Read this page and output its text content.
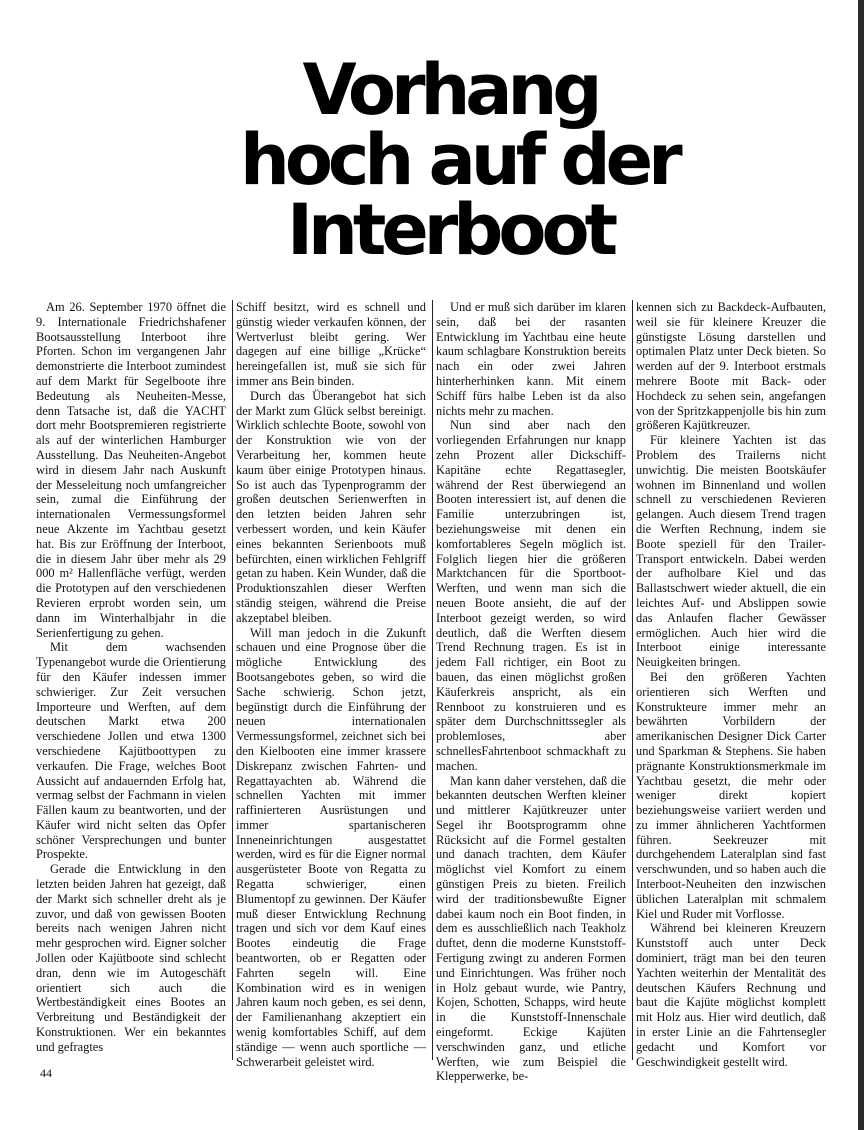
Vorhang
hoch auf der
Interboot

Am 26. September 1970 öffnet die 9. Internationale Friedrichshafener Bootsausstellung Interboot ihre Pforten. Schon im vergangenen Jahr demonstrierte die Interboot zumindest auf dem Markt für Segelboote ihre Bedeutung als Neuheiten-Messe, denn Tatsache ist, daß die YACHT dort mehr Bootspremieren registrierte als auf der winterlichen Hamburger Ausstellung. Das Neuheiten-Angebot wird in diesem Jahr nach Auskunft der Messeleitung noch umfangreicher sein, zumal die Einführung der internationalen Vermessungsformel neue Akzente im Yachtbau gesetzt hat. Bis zur Eröffnung der Interboot, die in diesem Jahr über mehr als 29 000 m² Hallenfläche verfügt, werden die Prototypen auf den verschiedenen Revieren erprobt worden sein, um dann im Winterhalbjahr in die Serienfertigung zu gehen.

Mit dem wachsenden Typenangebot wurde die Orientierung für den Käufer indessen immer schwieriger. Zur Zeit versuchen Importeure und Werften, auf dem deutschen Markt etwa 200 verschiedene Jollen und etwa 1300 verschiedene Kajütboottypen zu verkaufen. Die Frage, welches Boot Aussicht auf andauernden Erfolg hat, vermag selbst der Fachmann in vielen Fällen kaum zu beantworten, und der Käufer wird nicht selten das Opfer schöner Versprechungen und bunter Prospekte.

Gerade die Entwicklung in den letzten beiden Jahren hat gezeigt, daß der Markt sich schneller dreht als je zuvor, und daß von gewissen Booten bereits nach wenigen Jahren nicht mehr gesprochen wird. Eigner solcher Jollen oder Kajütboote sind schlecht dran, denn wie im Autogeschäft orientiert sich auch die Wertbeständigkeit eines Bootes an Verbreitung und Beständigkeit der Konstruktionen. Wer ein bekanntes und gefragtes

Schiff besitzt, wird es schnell und günstig wieder verkaufen können, der Wertverlust bleibt gering. Wer dagegen auf eine billige „Krücke“ hereingefallen ist, muß sie sich für immer ans Bein binden.

Durch das Überangebot hat sich der Markt zum Glück selbst bereinigt. Wirklich schlechte Boote, sowohl von der Konstruktion wie von der Verarbeitung her, kommen heute kaum über einige Prototypen hinaus. So ist auch das Typenprogramm der großen deutschen Serienwerften in den letzten beiden Jahren sehr verbessert worden, und kein Käufer eines bekannten Serienboots muß befürchten, einen wirklichen Fehlgriff getan zu haben. Kein Wunder, daß die Produktionszahlen dieser Werften ständig steigen, während die Preise akzeptabel bleiben.

Will man jedoch in die Zukunft schauen und eine Prognose über die mögliche Entwicklung des Bootsangebotes geben, so wird die Sache schwierig. Schon jetzt, begünstigt durch die Einführung der neuen internationalen Vermessungsformel, zeichnet sich bei den Kielbooten eine immer krassere Diskrepanz zwischen Fahrten- und Regattayachten ab. Während die schnellen Yachten mit immer raffinierteren Ausrüstungen und immer spartanischeren Inneneinrichtungen ausgestattet werden, wird es für die Eigner normal ausgerüsteter Boote von Regatta zu Regatta schwieriger, einen Blumentopf zu gewinnen. Der Käufer muß dieser Entwicklung Rechnung tragen und sich vor dem Kauf eines Bootes eindeutig die Frage beantworten, ob er Regatten oder Fahrten segeln will. Eine Kombination wird es in wenigen Jahren kaum noch geben, es sei denn, der Familienanhang akzeptiert ein wenig komfortables Schiff, auf dem ständige — wenn auch sportliche — Schwerarbeit geleistet wird.

Und er muß sich darüber im klaren sein, daß bei der rasanten Entwicklung im Yachtbau eine heute kaum schlagbare Konstruktion bereits nach ein oder zwei Jahren hinterherhinken kann. Mit einem Schiff fürs halbe Leben ist da also nichts mehr zu machen.

Nun sind aber nach den vorliegenden Erfahrungen nur knapp zehn Prozent aller Dickschiff-Kapitäne echte Regattasegler, während der Rest überwiegend an Booten interessiert ist, auf denen die Familie unterzubringen ist, beziehungsweise mit denen ein komfortableres Segeln möglich ist. Folglich liegen hier die größeren Marktchancen für die Sportboot-Werften, und wenn man sich die neuen Boote ansieht, die auf der Interboot gezeigt werden, so wird deutlich, daß die Werften diesem Trend Rechnung tragen. Es ist in jedem Fall richtiger, ein Boot zu bauen, das einen möglichst großen Käuferkreis anspricht, als ein Rennboot zu konstruieren und es später dem Durchschnittssegler als problemloses, aber schnellesFahrtenboot schmackhaft zu machen.

Man kann daher verstehen, daß die bekannten deutschen Werften kleiner und mittlerer Kajütkreuzer unter Segel ihr Bootsprogramm ohne Rücksicht auf die Formel gestalten und danach trachten, dem Käufer möglichst viel Komfort zu einem günstigen Preis zu bieten. Freilich wird der traditionsbewußte Eigner dabei kaum noch ein Boot finden, in dem es ausschließlich nach Teakholz duftet, denn die moderne Kunststoff-Fertigung zwingt zu anderen Formen und Einrichtungen. Was früher noch in Holz gebaut wurde, wie Pantry, Kojen, Schotten, Schapps, wird heute in die Kunststoff-Innenschale eingeformt. Eckige Kajüten verschwinden ganz, und etliche Werften, wie zum Beispiel die Klepperwerke, be-

kennen sich zu Backdeck-Aufbauten, weil sie für kleinere Kreuzer die günstigste Lösung darstellen und optimalen Platz unter Deck bieten. So werden auf der 9. Interboot erstmals mehrere Boote mit Back- oder Hochdeck zu sehen sein, angefangen von der Spritzkappenjolle bis hin zum größeren Kajütkreuzer.

Für kleinere Yachten ist das Problem des Trailerns nicht unwichtig. Die meisten Bootskäufer wohnen im Binnenland und wollen schnell zu verschiedenen Revieren gelangen. Auch diesem Trend tragen die Werften Rechnung, indem sie Boote speziell für den Trailer-Transport entwickeln. Dabei werden der aufholbare Kiel und das Ballastschwert wieder aktuell, die ein leichtes Auf- und Abslippen sowie das Anlaufen flacher Gewässer ermöglichen. Auch hier wird die Interboot einige interessante Neuigkeiten bringen.

Bei den größeren Yachten orientieren sich Werften und Konstrukteure immer mehr an bewährten Vorbildern der amerikanischen Designer Dick Carter und Sparkman & Stephens. Sie haben prägnante Konstruktionsmerkmale im Yachtbau gesetzt, die mehr oder weniger direkt kopiert beziehungsweise variiert werden und zu immer ähnlicheren Yachtformen führen. Seekreuzer mit durchgehendem Lateralplan sind fast verschwunden, und so haben auch die Interboot-Neuheiten den inzwischen üblichen Lateralplan mit schmalem Kiel und Ruder mit Vorflosse.

Während bei kleineren Kreuzern Kunststoff auch unter Deck dominiert, trägt man bei den teuren Yachten weiterhin der Mentalität des deutschen Käufers Rechnung und baut die Kajüte möglichst komplett mit Holz aus. Hier wird deutlich, daß in erster Linie an die Fahrtensegler gedacht und Komfort vor Geschwindigkeit gestellt wird.

44
